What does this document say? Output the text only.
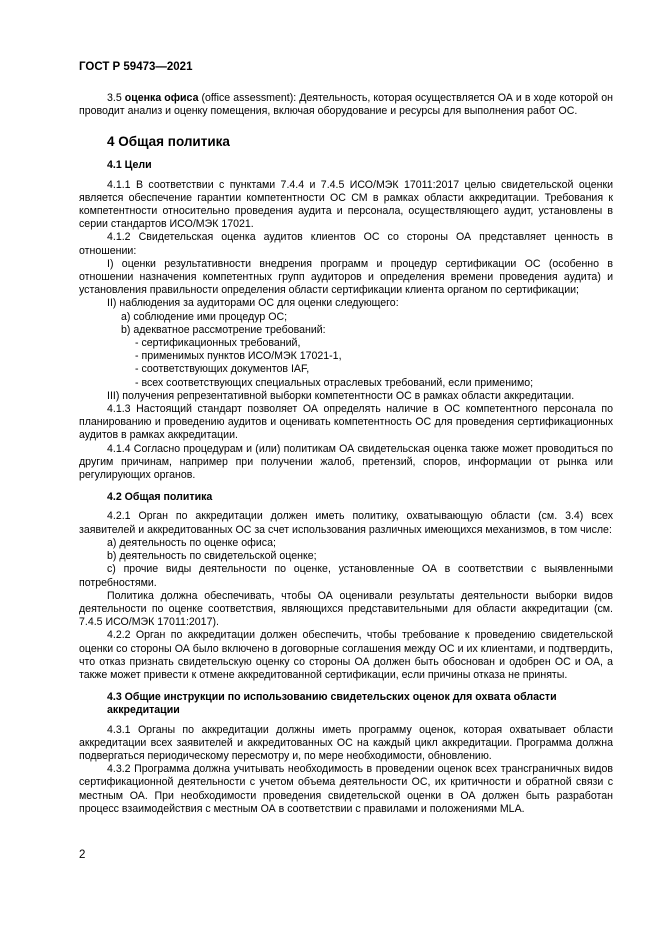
ГОСТ Р 59473—2021

3.5 оценка офиса (office assessment): Деятельность, которая осуществляется ОА и в ходе которой он проводит анализ и оценку помещения, включая оборудование и ресурсы для выполнения работ ОС.

4 Общая политика

4.1 Цели

4.1.1 В соответствии с пунктами 7.4.4 и 7.4.5 ИСО/МЭК 17011:2017 целью свидетельской оценки является обеспечение гарантии компетентности ОС СМ в рамках области аккредитации. Требования к компетентности относительно проведения аудита и персонала, осуществляющего аудит, установлены в серии стандартов ИСО/МЭК 17021.

4.1.2 Свидетельская оценка аудитов клиентов ОС со стороны ОА представляет ценность в отношении:

I) оценки результативности внедрения программ и процедур сертификации ОС (особенно в отношении назначения компетентных групп аудиторов и определения времени проведения аудита) и установления правильности определения области сертификации клиента органом по сертификации;

II) наблюдения за аудиторами ОС для оценки следующего:

a) соблюдение ими процедур ОС;

b) адекватное рассмотрение требований:

- сертификационных требований,

- применимых пунктов ИСО/МЭК 17021-1,

- соответствующих документов IAF,

- всех соответствующих специальных отраслевых требований, если применимо;

III) получения репрезентативной выборки компетентности ОС в рамках области аккредитации.

4.1.3 Настоящий стандарт позволяет ОА определять наличие в ОС компетентного персонала по планированию и проведению аудитов и оценивать компетентность ОС для проведения сертификационных аудитов в рамках аккредитации.

4.1.4 Согласно процедурам и (или) политикам ОА свидетельская оценка также может проводиться по другим причинам, например при получении жалоб, претензий, споров, информации от рынка или регулирующих органов.

4.2 Общая политика

4.2.1 Орган по аккредитации должен иметь политику, охватывающую области (см. 3.4) всех заявителей и аккредитованных ОС за счет использования различных имеющихся механизмов, в том числе:

a) деятельность по оценке офиса;

b) деятельность по свидетельской оценке;

c) прочие виды деятельности по оценке, установленные ОА в соответствии с выявленными потребностями.

Политика должна обеспечивать, чтобы ОА оценивали результаты деятельности выборки видов деятельности по оценке соответствия, являющихся представительными для области аккредитации (см. 7.4.5 ИСО/МЭК 17011:2017).

4.2.2 Орган по аккредитации должен обеспечить, чтобы требование к проведению свидетельской оценки со стороны ОА было включено в договорные соглашения между ОС и их клиентами, и подтвердить, что отказ признать свидетельскую оценку со стороны ОА должен быть обоснован и одобрен ОС и ОА, а также может привести к отмене аккредитованной сертификации, если причины отказа не приняты.

4.3 Общие инструкции по использованию свидетельских оценок для охвата области аккредитации

4.3.1 Органы по аккредитации должны иметь программу оценок, которая охватывает области аккредитации всех заявителей и аккредитованных ОС на каждый цикл аккредитации. Программа должна подвергаться периодическому пересмотру и, по мере необходимости, обновлению.

4.3.2 Программа должна учитывать необходимость в проведении оценок всех трансграничных видов сертификационной деятельности с учетом объема деятельности ОС, их критичности и обратной связи с местным ОА. При необходимости проведения свидетельской оценки в ОА должен быть разработан процесс взаимодействия с местным ОА в соответствии с правилами и положениями MLA.

2
